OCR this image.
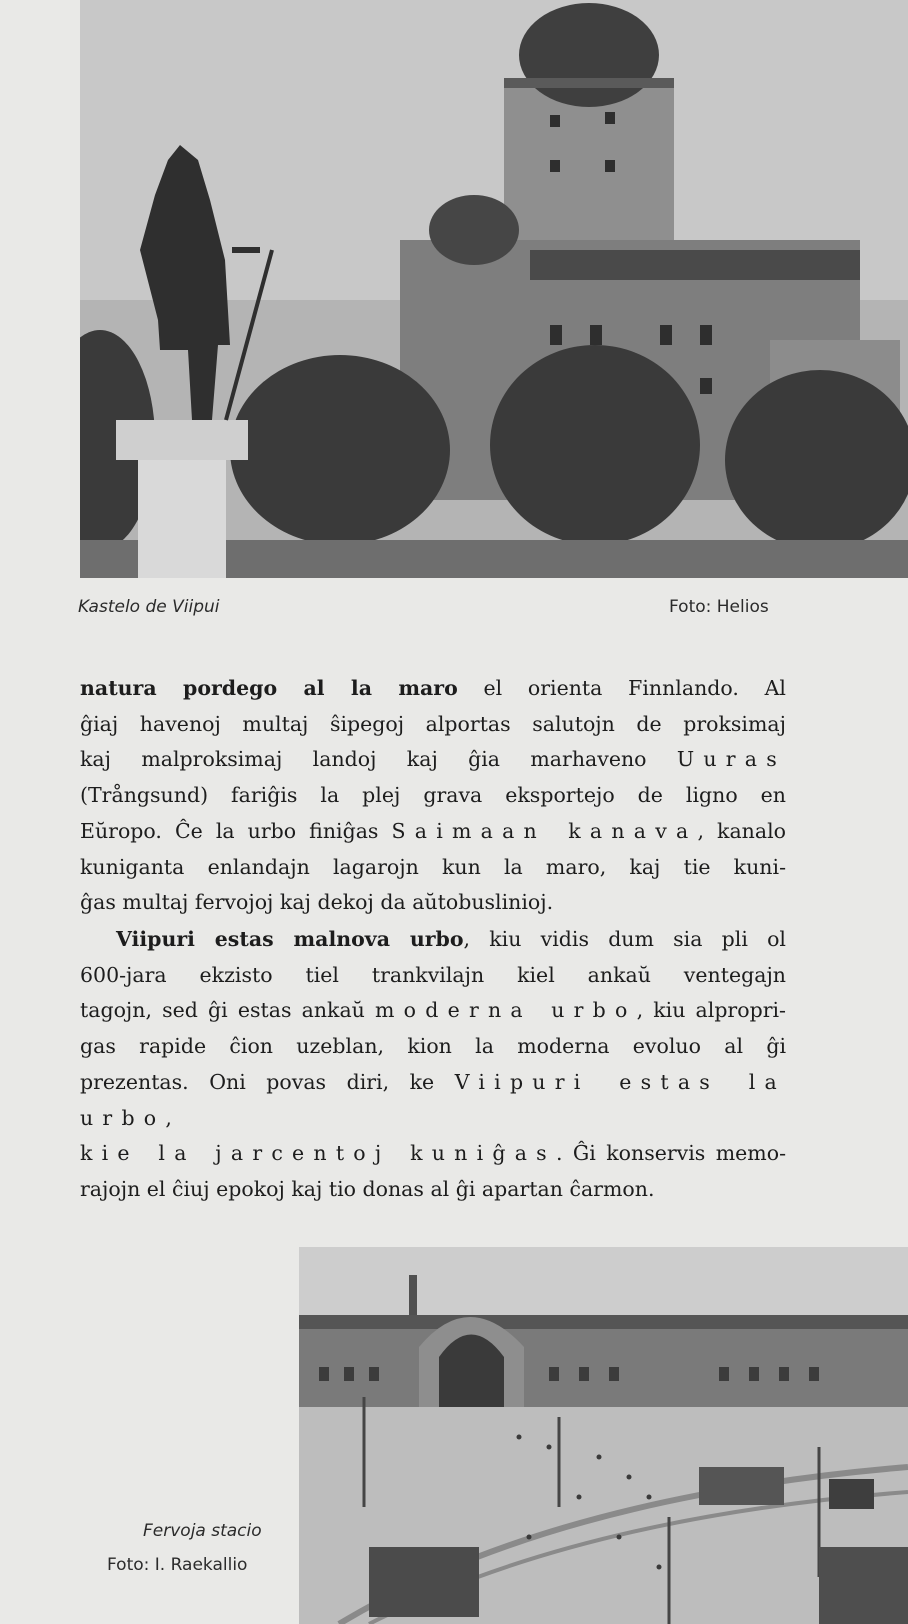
Kastelo de Viipui	Foto: Helios

natura pordego al la maro el orienta Finnlando. Al

ĝiaj havenoj multaj ŝipegoj alportas salutojn de proksimaj

kaj malproksimaj landoj kaj ĝia marhaveno Uuras

(Trångsund) fariĝis la plej grava eksportejo de ligno en

Eŭropo. Ĉe la urbo finiĝas Saimaan kanava, kanalo

kuniganta enlandajn lagarojn kun la maro, kaj tie kuni-

ĝas multaj fervojoj kaj dekoj da aŭtobuslinioj.

Viipuri estas malnova urbo, kiu vidis dum sia pli ol

600-jara ekzisto tiel trankvilajn kiel ankaŭ ventegajn

tagojn, sed ĝi estas ankaŭ moderna urbo, kiu alpropri-

gas rapide ĉion uzeblan, kion la moderna evoluo al ĝi

prezentas. Oni povas diri, ke Viipuri estas la urbo,

kie la jarcentoj kuniĝas. Ĝi konservis memo-

rajojn el ĉiuj epokoj kaj tio donas al ĝi apartan ĉarmon.

Fervoja stacio
Foto: I. Raekallio
